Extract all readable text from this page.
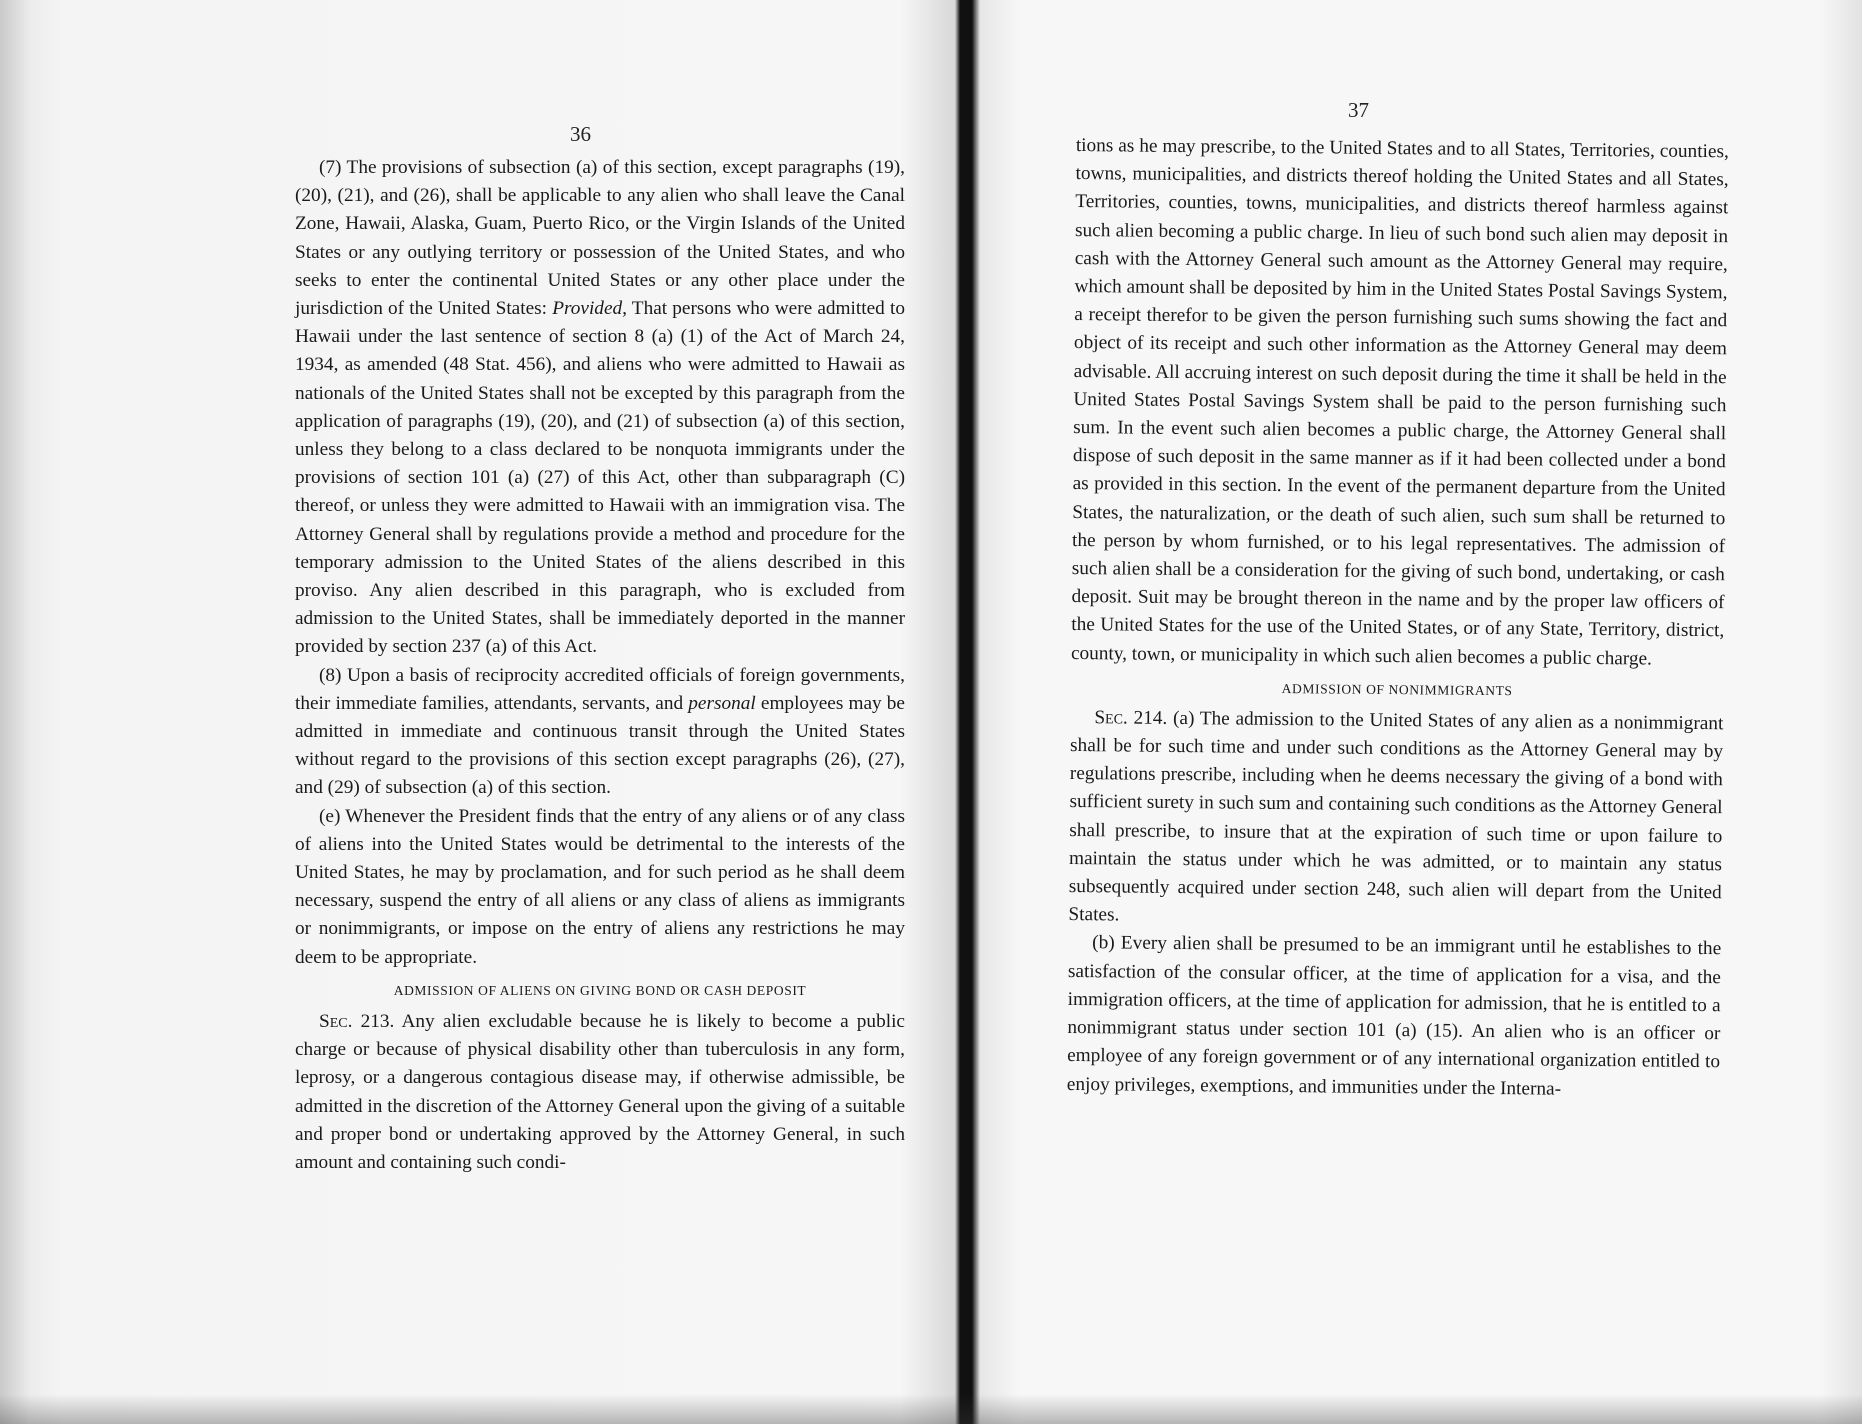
36

(7) The provisions of subsection (a) of this section, except paragraphs (19), (20), (21), and (26), shall be applicable to any alien who shall leave the Canal Zone, Hawaii, Alaska, Guam, Puerto Rico, or the Virgin Islands of the United States or any outlying territory or possession of the United States, and who seeks to enter the continental United States or any other place under the jurisdiction of the United States: Provided, That persons who were admitted to Hawaii under the last sentence of section 8 (a) (1) of the Act of March 24, 1934, as amended (48 Stat. 456), and aliens who were admitted to Hawaii as nationals of the United States shall not be excepted by this paragraph from the application of paragraphs (19), (20), and (21) of subsection (a) of this section, unless they belong to a class declared to be nonquota immigrants under the provisions of section 101 (a) (27) of this Act, other than subparagraph (C) thereof, or unless they were admitted to Hawaii with an immigration visa. The Attorney General shall by regulations provide a method and procedure for the temporary admission to the United States of the aliens described in this proviso. Any alien described in this paragraph, who is excluded from admission to the United States, shall be immediately deported in the manner provided by section 237 (a) of this Act.

(8) Upon a basis of reciprocity accredited officials of foreign governments, their immediate families, attendants, servants, and personal employees may be admitted in immediate and continuous transit through the United States without regard to the provisions of this section except paragraphs (26), (27), and (29) of subsection (a) of this section.

(e) Whenever the President finds that the entry of any aliens or of any class of aliens into the United States would be detrimental to the interests of the United States, he may by proclamation, and for such period as he shall deem necessary, suspend the entry of all aliens or any class of aliens as immigrants or nonimmigrants, or impose on the entry of aliens any restrictions he may deem to be appropriate.

ADMISSION OF ALIENS ON GIVING BOND OR CASH DEPOSIT

Sec. 213. Any alien excludable because he is likely to become a public charge or because of physical disability other than tuberculosis in any form, leprosy, or a dangerous contagious disease may, if otherwise admissible, be admitted in the discretion of the Attorney General upon the giving of a suitable and proper bond or undertaking approved by the Attorney General, in such amount and containing such condi-

37

tions as he may prescribe, to the United States and to all States, Territories, counties, towns, municipalities, and districts thereof holding the United States and all States, Territories, counties, towns, municipalities, and districts thereof harmless against such alien becoming a public charge. In lieu of such bond such alien may deposit in cash with the Attorney General such amount as the Attorney General may require, which amount shall be deposited by him in the United States Postal Savings System, a receipt therefor to be given the person furnishing such sums showing the fact and object of its receipt and such other information as the Attorney General may deem advisable. All accruing interest on such deposit during the time it shall be held in the United States Postal Savings System shall be paid to the person furnishing such sum. In the event such alien becomes a public charge, the Attorney General shall dispose of such deposit in the same manner as if it had been collected under a bond as provided in this section. In the event of the permanent departure from the United States, the naturalization, or the death of such alien, such sum shall be returned to the person by whom furnished, or to his legal representatives. The admission of such alien shall be a consideration for the giving of such bond, undertaking, or cash deposit. Suit may be brought thereon in the name and by the proper law officers of the United States for the use of the United States, or of any State, Territory, district, county, town, or municipality in which such alien becomes a public charge.

ADMISSION OF NONIMMIGRANTS

Sec. 214. (a) The admission to the United States of any alien as a nonimmigrant shall be for such time and under such conditions as the Attorney General may by regulations prescribe, including when he deems necessary the giving of a bond with sufficient surety in such sum and containing such conditions as the Attorney General shall prescribe, to insure that at the expiration of such time or upon failure to maintain the status under which he was admitted, or to maintain any status subsequently acquired under section 248, such alien will depart from the United States.

(b) Every alien shall be presumed to be an immigrant until he establishes to the satisfaction of the consular officer, at the time of application for a visa, and the immigration officers, at the time of application for admission, that he is entitled to a nonimmigrant status under section 101 (a) (15). An alien who is an officer or employee of any foreign government or of any international organization entitled to enjoy privileges, exemptions, and immunities under the Interna-
